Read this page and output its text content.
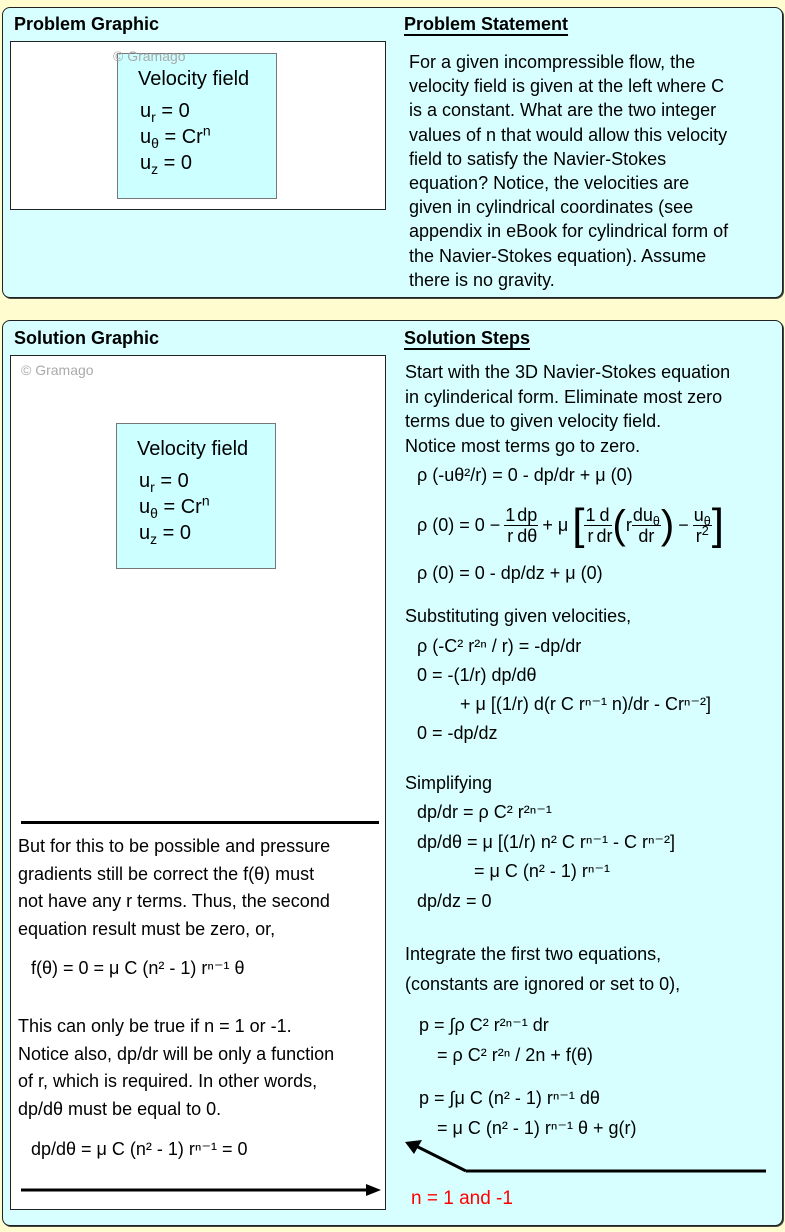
Problem Graphic
Velocity field
$u_r = 0$
$u_\theta = Cr^n$
$u_z = 0$
© Gramago
Problem Statement
For a given incompressible flow, the
velocity field is given at the left where C
is a constant. What are the two integer
values of n that would allow this velocity
field to satisfy the Navier-Stokes
equation? Notice, the velocities are
given in cylindrical coordinates (see
appendix in eBook for cylindrical form of
the Navier-Stokes equation). Assume
there is no gravity.
Solution Graphic
© Gramago
Velocity field
$u_r = 0$
$u_\theta = Cr^n$
$u_z = 0$
But for this to be possible and pressure
gradients still be correct the f(θ) must
not have any r terms. Thus, the second
equation result must be zero, or,
f(θ) = 0 = μ C (n² - 1) rⁿ⁻¹ θ
This can only be true if n = 1 or -1.
Notice also, dp/dr will be only a function
of r, which is required. In other words,
dp/dθ must be equal to 0.
dp/dθ = μ C (n² - 1) rⁿ⁻¹ = 0
Solution Steps
Start with the 3D Navier-Stokes equation
in cylinderical form. Eliminate most zero
terms due to given velocity field.
Notice most terms go to zero.
ρ (-uθ²/r) = 0 - dp/dr + μ (0)
ρ $(0) = 0 - \frac{1}{r} \frac{dp}{d\theta} + \mu$ [ $\frac{1}{r} \frac{d}{dr}$ ( r $\frac{du_\theta}{dr}$ ) − $\frac{u_\theta}{r^2}$ ]
ρ (0) = 0 - dp/dz + μ (0)
Substituting given velocities,
ρ (-C² r²ⁿ / r) = -dp/dr
0 = -(1/r) dp/dθ
+ μ [(1/r) d(r C rⁿ⁻¹ n)/dr - Crⁿ⁻²]
0 = -dp/dz
Simplifying
dp/dr = ρ C² r²ⁿ⁻¹
dp/dθ = μ [(1/r) n² C rⁿ⁻¹ - C rⁿ⁻²]
= μ C (n² - 1) rⁿ⁻¹
dp/dz = 0
Integrate the first two equations,
(constants are ignored or set to 0),
p = ∫ρ C² r²ⁿ⁻¹ dr
= ρ C² r²ⁿ / 2n + f(θ)
p = ∫μ C (n² - 1) rⁿ⁻¹ dθ
= μ C (n² - 1) rⁿ⁻¹ θ + g(r)
n = 1 and -1
